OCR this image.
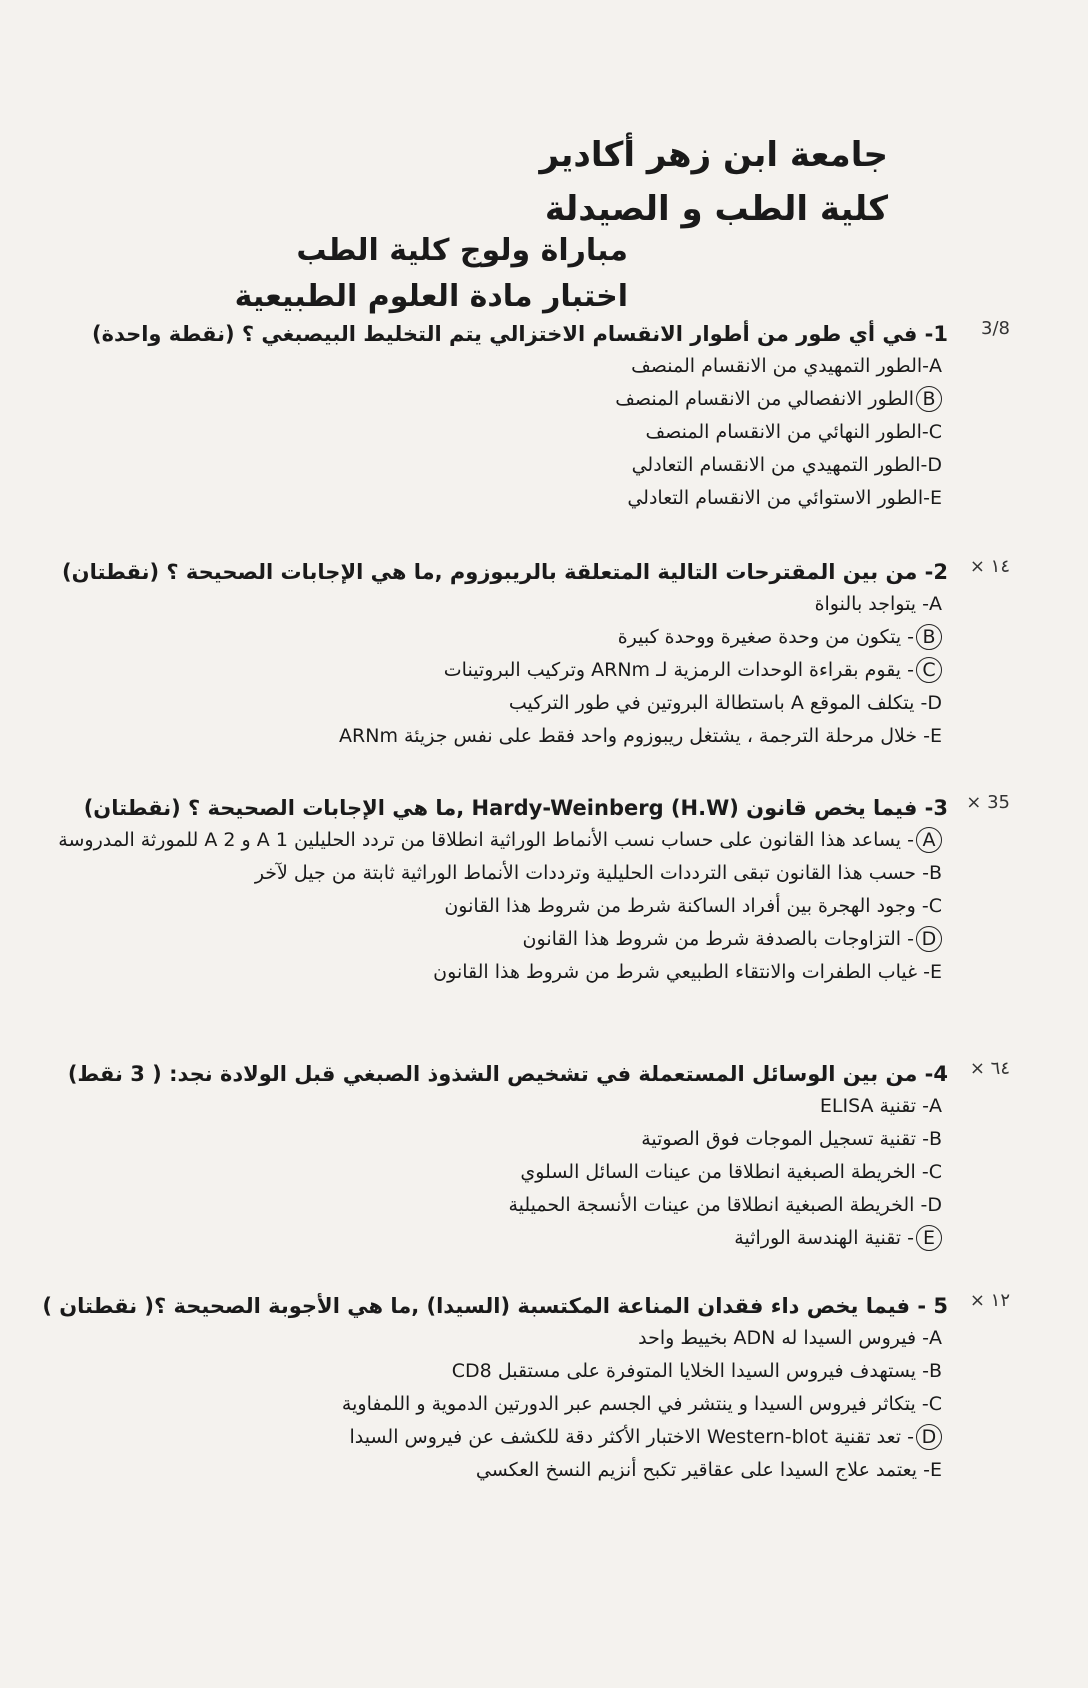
جامعة ابن زهر أكادير
كلية الطب و الصيدلة
مباراة ولوج كلية الطب
اختبار مادة العلوم الطبيعية
3/8
1- في أي طور من أطوار الانقسام الاختزالي يتم التخليط البيصبغي ؟ (نقطة واحدة)
A-الطور التمهيدي من الانقسام المنصف
Bالطور الانفصالي من الانقسام المنصف
C-الطور النهائي من الانقسام المنصف
D-الطور التمهيدي من الانقسام التعادلي
E-الطور الاستوائي من الانقسام التعادلي
× ١٤
2- من بين المقترحات التالية المتعلقة بالريبوزوم ,ما هي الإجابات الصحيحة ؟ (نقطتان)
A- يتواجد بالنواة
B- يتكون من وحدة صغيرة ووحدة كبيرة
C- يقوم بقراءة الوحدات الرمزية لـ ARNm وتركيب البروتينات
D- يتكلف الموقع A باستطالة البروتين في طور التركيب
E- خلال مرحلة الترجمة ، يشتغل ريبوزوم واحد فقط على نفس جزيئة ARNm
× 35
3- فيما يخص قانون Hardy-Weinberg (H.W) ,ما هي الإجابات الصحيحة ؟ (نقطتان)
A- يساعد هذا القانون على حساب نسب الأنماط الوراثية انطلاقا من تردد الحليلين A 1 و A 2 للمورثة المدروسة
B- حسب هذا القانون تبقى الترددات الحليلية وترددات الأنماط الوراثية ثابتة من جيل لآخر
C- وجود الهجرة بين أفراد الساكنة شرط من شروط هذا القانون
D- التزاوجات بالصدفة شرط من شروط هذا القانون
E- غياب الطفرات والانتقاء الطبيعي شرط من شروط هذا القانون
× ٦٤
4- من بين الوسائل المستعملة في تشخيص الشذوذ الصبغي قبل الولادة نجد: ( 3 نقط)
A- تقنية ELISA
B- تقنية تسجيل الموجات فوق الصوتية
C- الخريطة الصبغية انطلاقا من عينات السائل السلوي
D- الخريطة الصبغية انطلاقا من عينات الأنسجة الحميلية
E- تقنية الهندسة الوراثية
× ١٢
5 - فيما يخص داء فقدان المناعة المكتسبة (السيدا) ,ما هي الأجوبة الصحيحة ؟( نقطتان )
A- فيروس السيدا له ADN بخييط واحد
B- يستهدف فيروس السيدا الخلايا المتوفرة على مستقبل CD8
C- يتكاثر فيروس السيدا و ينتشر في الجسم عبر الدورتين الدموية و اللمفاوية
D- تعد تقنية Western-blot الاختبار الأكثر دقة للكشف عن فيروس السيدا
E- يعتمد علاج السيدا على عقاقير تكبح أنزيم النسخ العكسي
